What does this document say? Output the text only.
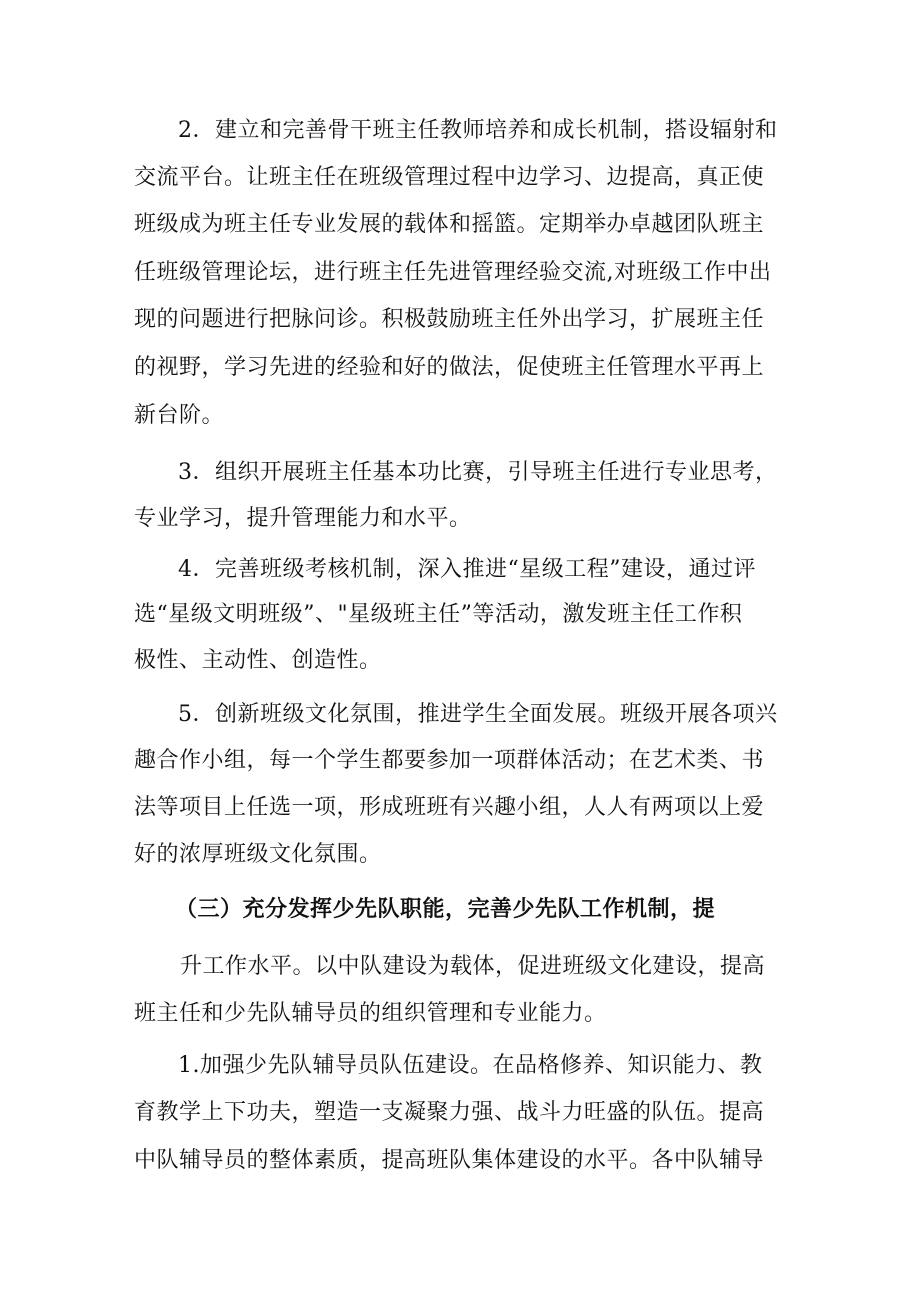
2．建立和完善骨干班主任教师培养和成长机制，搭设辐射和
交流平台。让班主任在班级管理过程中边学习、边提高，真正使
班级成为班主任专业发展的载体和摇篮。定期举办卓越团队班主
任班级管理论坛，进行班主任先进管理经验交流,对班级工作中出
现的问题进行把脉问诊。积极鼓励班主任外出学习，扩展班主任
的视野，学习先进的经验和好的做法，促使班主任管理水平再上
新台阶。
3．组织开展班主任基本功比赛，引导班主任进行专业思考，
专业学习，提升管理能力和水平。
4．完善班级考核机制，深入推进“星级工程”建设，通过评
选“星级文明班级”、"星级班主任”等活动，激发班主任工作积
极性、主动性、创造性。
5．创新班级文化氛围，推进学生全面发展。班级开展各项兴
趣合作小组，每一个学生都要参加一项群体活动；在艺术类、书
法等项目上任选一项，形成班班有兴趣小组，人人有两项以上爱
好的浓厚班级文化氛围。
（三）充分发挥少先队职能，完善少先队工作机制，提
升工作水平。以中队建设为载体，促进班级文化建设，提高
班主任和少先队辅导员的组织管理和专业能力。
1.加强少先队辅导员队伍建设。在品格修养、知识能力、教
育教学上下功夫，塑造一支凝聚力强、战斗力旺盛的队伍。提高
中队辅导员的整体素质，提高班队集体建设的水平。各中队辅导
